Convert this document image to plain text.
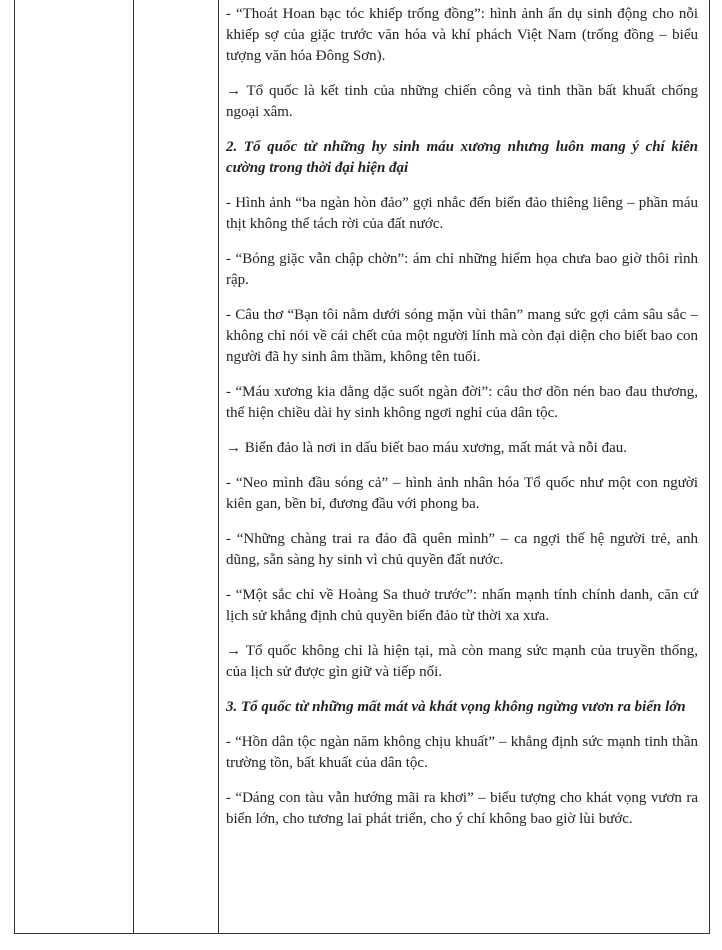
- “Thoát Hoan bạc tóc khiếp trống đồng”: hình ảnh ẩn dụ sinh động cho nỗi khiếp sợ của giặc trước văn hóa và khí phách Việt Nam (trống đồng – biểu tượng văn hóa Đông Sơn).

→ Tổ quốc là kết tinh của những chiến công và tinh thần bất khuất chống ngoại xâm.

2. Tổ quốc từ những hy sinh máu xương nhưng luôn mang ý chí kiên cường trong thời đại hiện đại

- Hình ảnh “ba ngàn hòn đảo” gợi nhắc đến biển đảo thiêng liêng – phần máu thịt không thể tách rời của đất nước.

- “Bóng giặc vẫn chập chờn”: ám chỉ những hiểm họa chưa bao giờ thôi rình rập.

- Câu thơ “Bạn tôi nằm dưới sóng mặn vùi thân” mang sức gợi cảm sâu sắc – không chỉ nói về cái chết của một người lính mà còn đại diện cho biết bao con người đã hy sinh âm thầm, không tên tuổi.

- “Máu xương kia dằng dặc suốt ngàn đời”: câu thơ dồn nén bao đau thương, thể hiện chiều dài hy sinh không ngơi nghỉ của dân tộc.

→ Biển đảo là nơi in dấu biết bao máu xương, mất mát và nỗi đau.

- “Neo mình đầu sóng cả” – hình ảnh nhân hóa Tổ quốc như một con người kiên gan, bền bỉ, đương đầu với phong ba.

- “Những chàng trai ra đảo đã quên mình” – ca ngợi thế hệ người trẻ, anh dũng, sẵn sàng hy sinh vì chủ quyền đất nước.

- “Một sắc chỉ về Hoàng Sa thuở trước”: nhấn mạnh tính chính danh, căn cứ lịch sử khẳng định chủ quyền biển đảo từ thời xa xưa.

→ Tổ quốc không chỉ là hiện tại, mà còn mang sức mạnh của truyền thống, của lịch sử được gìn giữ và tiếp nối.

3. Tổ quốc từ những mất mát và khát vọng không ngừng vươn ra biển lớn

- “Hồn dân tộc ngàn năm không chịu khuất” – khẳng định sức mạnh tinh thần trường tồn, bất khuất của dân tộc.

- “Dáng con tàu vẫn hướng mãi ra khơi” – biểu tượng cho khát vọng vươn ra biển lớn, cho tương lai phát triển, cho ý chí không bao giờ lùi bước.
